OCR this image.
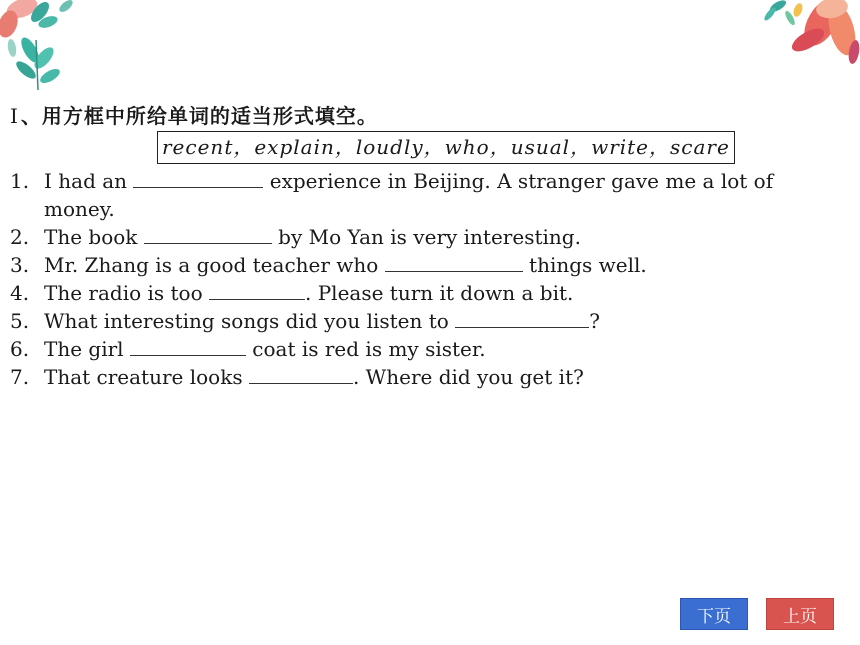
Ⅰ 、用方框中所给单词的适当形式填空。
recent，explain，loudly，who，usual，write，scare
1. I had an	experience in Beijing. A stranger gave me a lot of
money.
2. The book	by Mo Yan is very interesting.
3. Mr. Zhang is a good teacher who	things well.
4. The radio is too	. Please turn it down a bit.
5. What interesting songs did you listen to	?
6. The girl	coat is red is my sister.
7. That creature looks	. Where did you get it?
下页	上页
